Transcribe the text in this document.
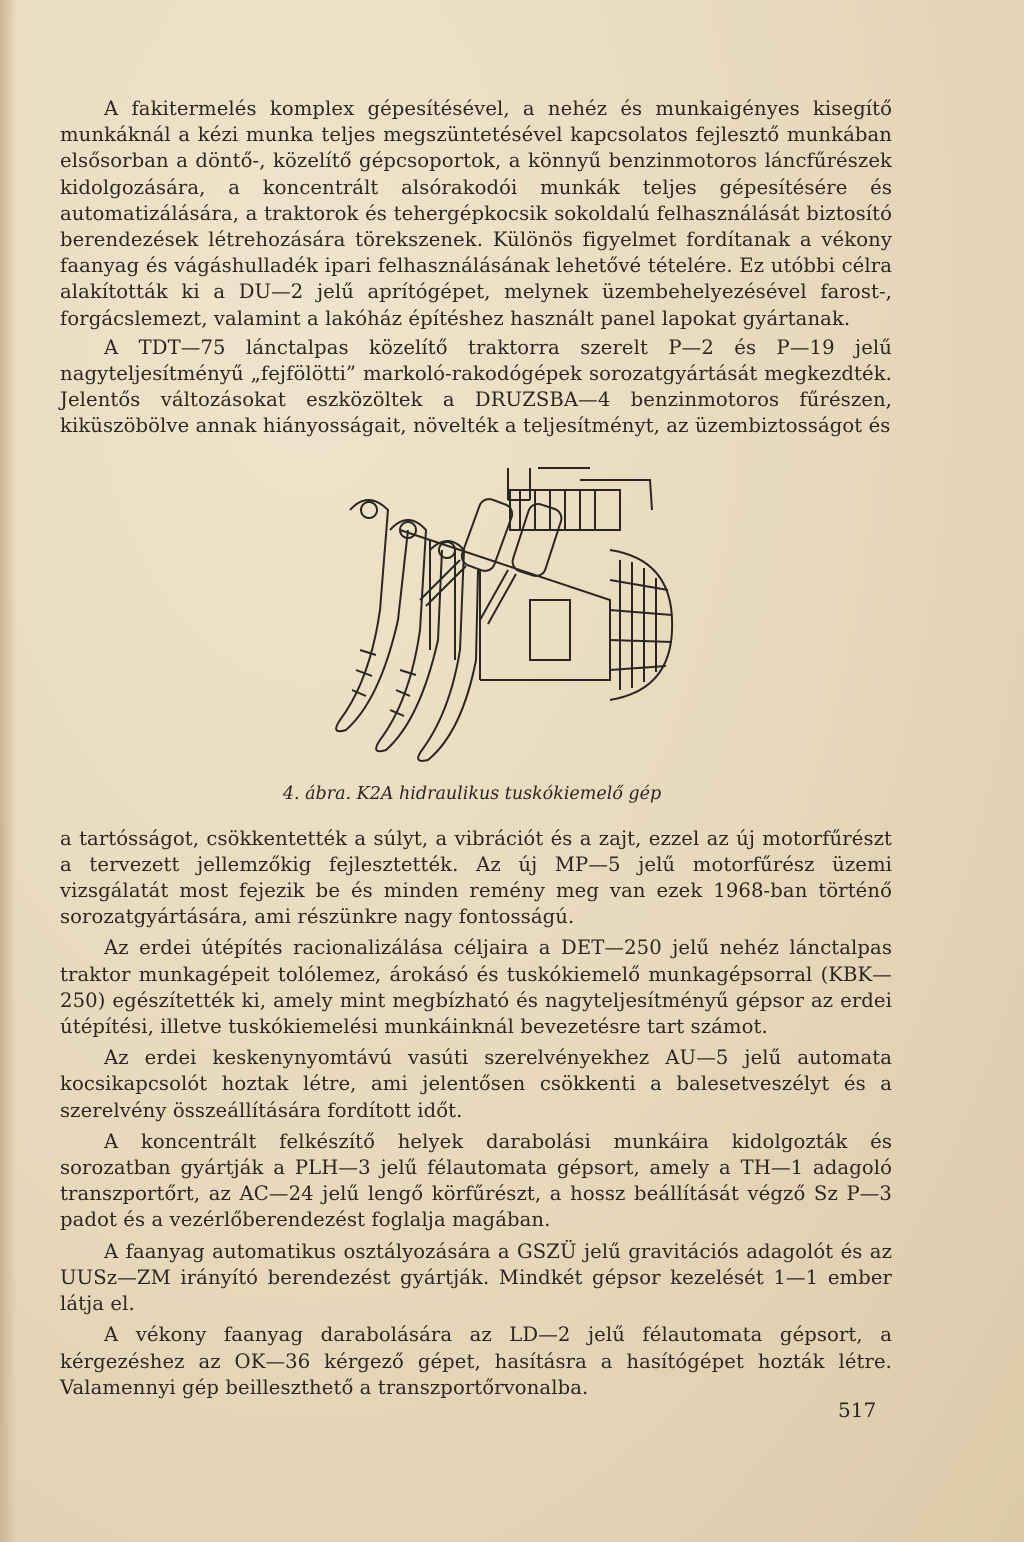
A fakitermelés komplex gépesítésével, a nehéz és munkaigényes kisegítő munkáknál a kézi munka teljes megszüntetésével kapcsolatos fejlesztő munkában elsősorban a döntő-, közelítő gépcsoportok, a könnyű benzinmotoros láncfűrészek kidolgozására, a koncentrált alsórakodói munkák teljes gépesítésére és automatizálására, a traktorok és tehergépkocsik sokoldalú felhasználását biztosító berendezések létrehozására törekszenek. Különös figyelmet fordítanak a vékony faanyag és vágáshulladék ipari felhasználásának lehetővé tételére. Ez utóbbi célra alakították ki a DU—2 jelű aprítógépet, melynek üzembehelyezésével farost-, forgácslemezt, valamint a lakóház építéshez használt panel lapokat gyártanak.

A TDT—75 lánctalpas közelítő traktorra szerelt P—2 és P—19 jelű nagyteljesítményű „fejfölötti” markoló-rakodógépek sorozatgyártását megkezdték. Jelentős változásokat eszközöltek a DRUZSBA—4 benzinmotoros fűrészen, kiküszöbölve annak hiányosságait, növelték a teljesítményt, az üzembiztosságot és

4. ábra. K2A hidraulikus tuskókiemelő gép

a tartósságot, csökkentették a súlyt, a vibrációt és a zajt, ezzel az új motorfűrészt a tervezett jellemzőkig fejlesztették. Az új MP—5 jelű motorfűrész üzemi vizsgálatát most fejezik be és minden remény meg van ezek 1968-ban történő sorozatgyártására, ami részünkre nagy fontosságú.

Az erdei útépítés racionalizálása céljaira a DET—250 jelű nehéz lánctalpas traktor munkagépeit tolólemez, árokásó és tuskókiemelő munkagépsorral (KBK—250) egészítették ki, amely mint megbízható és nagyteljesítményű gépsor az erdei útépítési, illetve tuskókiemelési munkáinknál bevezetésre tart számot.

Az erdei keskenynyomtávú vasúti szerelvényekhez AU—5 jelű automata kocsikapcsolót hoztak létre, ami jelentősen csökkenti a balesetveszélyt és a szerelvény összeállítására fordított időt.

A koncentrált felkészítő helyek darabolási munkáira kidolgozták és sorozatban gyártják a PLH—3 jelű félautomata gépsort, amely a TH—1 adagoló transzportőrt, az AC—24 jelű lengő körfűrészt, a hossz beállítását végző Sz P—3 padot és a vezérlőberendezést foglalja magában.

A faanyag automatikus osztályozására a GSZÜ jelű gravitációs adagolót és az UUSz—ZM irányító berendezést gyártják. Mindkét gépsor kezelését 1—1 ember látja el.

A vékony faanyag darabolására az LD—2 jelű félautomata gépsort, a kérgezéshez az OK—36 kérgező gépet, hasításra a hasítógépet hozták létre. Valamennyi gép beilleszthető a transzportőrvonalba.

517
